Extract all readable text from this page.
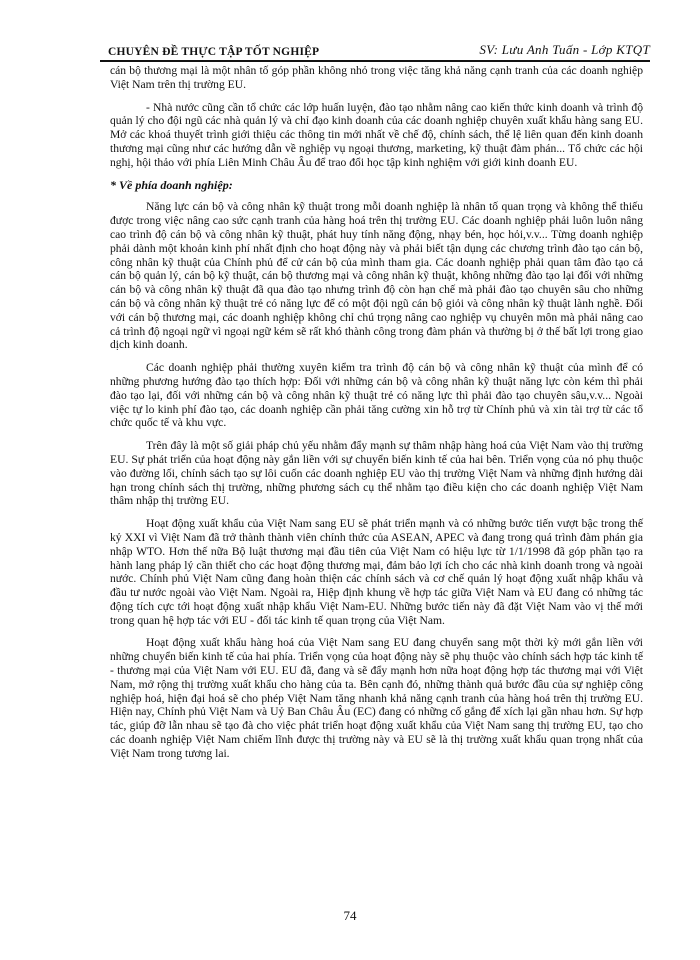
CHUYÊN ĐỀ THỰC TẬP TỐT NGHIỆP	SV: Lưu Anh Tuấn - Lớp KTQT

cán bộ thương mại là một nhân tố góp phần không nhỏ trong việc tăng khả năng cạnh tranh của các doanh nghiệp Việt Nam trên thị trường EU.

- Nhà nước cũng cần tổ chức các lớp huấn luyện, đào tạo nhằm nâng cao kiến thức kinh doanh và trình độ quản lý cho đội ngũ các nhà quản lý và chỉ đạo kinh doanh của các doanh nghiệp chuyên xuất khẩu hàng sang EU. Mở các khoá thuyết trình giới thiệu các thông tin mới nhất về chế độ, chính sách, thể lệ liên quan đến kinh doanh thương mại cũng như các hướng dẫn về nghiệp vụ ngoại thương, marketing, kỹ thuật đàm phán... Tổ chức các hội nghị, hội thảo với phía Liên Minh Châu Âu để trao đổi học tập kinh nghiệm với giới kinh doanh EU.

* Về phía doanh nghiệp:

Năng lực cán bộ và công nhân kỹ thuật trong mỗi doanh nghiệp là nhân tố quan trọng và không thể thiếu được trong việc nâng cao sức cạnh tranh của hàng hoá trên thị trường EU. Các doanh nghiệp phải luôn luôn nâng cao trình độ cán bộ và công nhân kỹ thuật, phát huy tính năng động, nhạy bén, học hỏi,v.v... Từng doanh nghiệp phải dành một khoản kinh phí nhất định cho hoạt động này và phải biết tận dụng các chương trình đào tạo cán bộ, công nhân kỹ thuật của Chính phủ để cử cán bộ của mình tham gia. Các doanh nghiệp phải quan tâm đào tạo cả cán bộ quản lý, cán bộ kỹ thuật, cán bộ thương mại và công nhân kỹ thuật, không những đào tạo lại đối với những cán bộ và công nhân kỹ thuật đã qua đào tạo nhưng trình độ còn hạn chế mà phải đào tạo chuyên sâu cho những cán bộ và công nhân kỹ thuật trẻ có năng lực để có một đội ngũ cán bộ giỏi và công nhân kỹ thuật lành nghề. Đối với cán bộ thương mại, các doanh nghiệp không chỉ chú trọng nâng cao nghiệp vụ chuyên môn mà phải nâng cao cả trình độ ngoại ngữ vì ngoại ngữ kém sẽ rất khó thành công trong đàm phán và thường bị ở thế bất lợi trong giao dịch kinh doanh.

Các doanh nghiệp phải thường xuyên kiểm tra trình độ cán bộ và công nhân kỹ thuật của mình để có những phương hướng đào tạo thích hợp: Đối với những cán bộ và công nhân kỹ thuật năng lực còn kém thì phải đào tạo lại, đối với những cán bộ và công nhân kỹ thuật trẻ có năng lực thì phải đào tạo chuyên sâu,v.v... Ngoài việc tự lo kinh phí đào tạo, các doanh nghiệp cần phải tăng cường xin hỗ trợ từ Chính phủ và xin tài trợ từ các tổ chức quốc tế và khu vực.

Trên đây là một số giải pháp chủ yếu nhằm đẩy mạnh sự thâm nhập hàng hoá của Việt Nam vào thị trường EU. Sự phát triển của hoạt động này gắn liền với sự chuyển biến kinh tế của hai bên. Triển vọng của nó phụ thuộc vào đường lối, chính sách tạo sự lôi cuốn các doanh nghiệp EU vào thị trường Việt Nam và những định hướng dài hạn trong chính sách thị trường, những phương sách cụ thể nhằm tạo điều kiện cho các doanh nghiệp Việt Nam thâm nhập thị trường EU.

Hoạt động xuất khẩu của Việt Nam sang EU sẽ phát triển mạnh và có những bước tiến vượt bậc trong thế kỷ XXI vì Việt Nam đã trở thành thành viên chính thức của ASEAN, APEC và đang trong quá trình đàm phán gia nhập WTO. Hơn thế nữa Bộ luật thương mại đầu tiên của Việt Nam có hiệu lực từ 1/1/1998 đã góp phần tạo ra hành lang pháp lý cần thiết cho các hoạt động thương mại, đảm bảo lợi ích cho các nhà kinh doanh trong và ngoài nước. Chính phủ Việt Nam cũng đang hoàn thiện các chính sách và cơ chế quản lý hoạt động xuất nhập khẩu và đầu tư nước ngoài vào Việt Nam. Ngoài ra, Hiệp định khung về hợp tác giữa Việt Nam và EU đang có những tác động tích cực tới hoạt động xuất nhập khẩu Việt Nam-EU. Những bước tiến này đã đặt Việt Nam vào vị thế mới trong quan hệ hợp tác với EU - đối tác kinh tế quan trọng của Việt Nam.

Hoạt động xuất khẩu hàng hoá của Việt Nam sang EU đang chuyển sang một thời kỳ mới gắn liền với những chuyển biến kinh tế của hai phía. Triển vọng của hoạt động này sẽ phụ thuộc vào chính sách hợp tác kinh tế - thương mại của Việt Nam với EU. EU đã, đang và sẽ đẩy mạnh hơn nữa hoạt động hợp tác thương mại với Việt Nam, mở rộng thị trường xuất khẩu cho hàng của ta. Bên cạnh đó, những thành quả bước đầu của sự nghiệp công nghiệp hoá, hiện đại hoá sẽ cho phép Việt Nam tăng nhanh khả năng cạnh tranh của hàng hoá trên thị trường EU. Hiện nay, Chính phủ Việt Nam và Uỷ Ban Châu Âu (EC) đang có những cố gắng để xích lại gần nhau hơn. Sự hợp tác, giúp đỡ lẫn nhau sẽ tạo đà cho việc phát triển hoạt động xuất khẩu của Việt Nam sang thị trường EU, tạo cho các doanh nghiệp Việt Nam chiếm lĩnh được thị trường này và EU sẽ là thị trường xuất khẩu quan trọng nhất của Việt Nam trong tương lai.

74
